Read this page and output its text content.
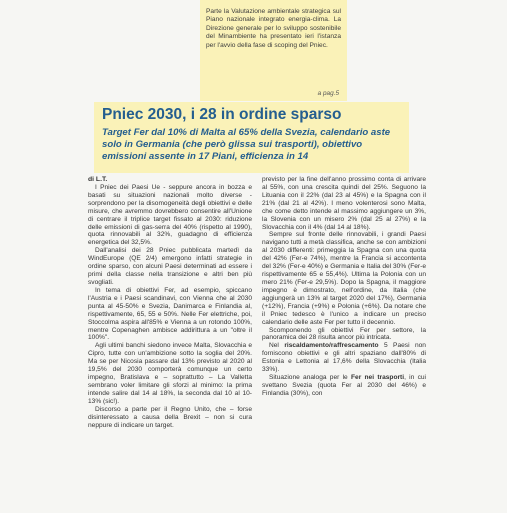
Parte la Valutazione ambientale strategica sul Piano nazionale integrato energia-clima. La Direzione generale per lo sviluppo sostenibile del Minambiente ha presentato ieri l'istanza per l'avvio della fase di scoping del Pniec.

a pag.5
Pniec 2030, i 28 in ordine sparso

Target Fer dal 10% di Malta al 65% della Svezia, calendario aste solo in Germania (che però glissa sui trasporti), obiettivo emissioni assente in 17 Piani, efficienza in 14

di L.T.

I Pniec dei Paesi Ue - seppure ancora in bozza e basati su situazioni nazionali molto diverse - sorprendono per la disomogeneità degli obiettivi e delle misure, che avremmo dovrebbero consentire all'Unione di centrare il triplice target fissato al 2030: riduzione delle emissioni di gas-serra del 40% (rispetto al 1990), quota rinnovabili al 32%, guadagno di efficienza energetica del 32,5%.

Dall'analisi dei 28 Pniec pubblicata martedì da WindEurope (QE 2/4) emergono infatti strategie in ordine sparso, con alcuni Paesi determinati ad essere i primi della classe nella transizione e altri ben più svogliati.

In tema di obiettivi Fer, ad esempio, spiccano l'Austria e i Paesi scandinavi, con Vienna che al 2030 punta al 45-50% e Svezia, Danimarca e Finlandia al, rispettivamente, 65, 55 e 50%. Nelle Fer elettriche, poi, Stoccolma aspira all'85% e Vienna a un rotondo 100%, mentre Copenaghen ambisce addirittura a un "oltre il 100%".

Agli ultimi banchi siedono invece Malta, Slovacchia e Cipro, tutte con un'ambizione sotto la soglia del 20%. Ma se per Nicosia passare dal 13% previsto al 2020 al 19,5% del 2030 comporterà comunque un certo impegno, Bratislava e – soprattutto – La Valletta sembrano voler limitare gli sforzi al minimo: la prima intende salire dal 14 al 18%, la seconda dal 10 al 10-13% (sic!).

Discorso a parte per il Regno Unito, che – forse disinteressato a causa della Brexit – non si cura neppure di indicare un target.

previsto per la fine dell'anno prossimo conta di arrivare al 55%, con una crescita quindi del 25%. Seguono la Lituania con il 22% (dal 23 al 45%) e la Spagna con il 21% (dal 21 al 42%). I meno volenterosi sono Malta, che come detto intende al massimo aggiungere un 3%, la Slovenia con un misero 2% (dal 25 al 27%) e la Slovacchia con il 4% (dal 14 al 18%).

Sempre sul fronte delle rinnovabili, i grandi Paesi navigano tutti a metà classifica, anche se con ambizioni al 2030 differenti: primeggia la Spagna con una quota del 42% (Fer-e 74%), mentre la Francia si accontenta del 32% (Fer-e 40%) e Germania e Italia del 30% (Fer-e rispettivamente 65 e 55,4%). Ultima la Polonia con un mero 21% (Fer-e 29,5%). Dopo la Spagna, il maggiore impegno è dimostrato, nell'ordine, da Italia (che aggiungerà un 13% al target 2020 del 17%), Germania (+12%), Francia (+9%) e Polonia (+6%). Da notare che il Pniec tedesco è l'unico a indicare un preciso calendario delle aste Fer per tutto il decennio.

Scomponendo gli obiettivi Fer per settore, la panoramica dei 28 risulta ancor più intricata.

Nel riscaldamento/raffrescamento 5 Paesi non forniscono obiettivi e gli altri spaziano dall'80% di Estonia e Lettonia al 17,6% della Slovacchia (Italia 33%).

Situazione analoga per le Fer nei trasporti, in cui svettano Svezia (quota Fer al 2030 del 46%) e Finlandia (30%), con
